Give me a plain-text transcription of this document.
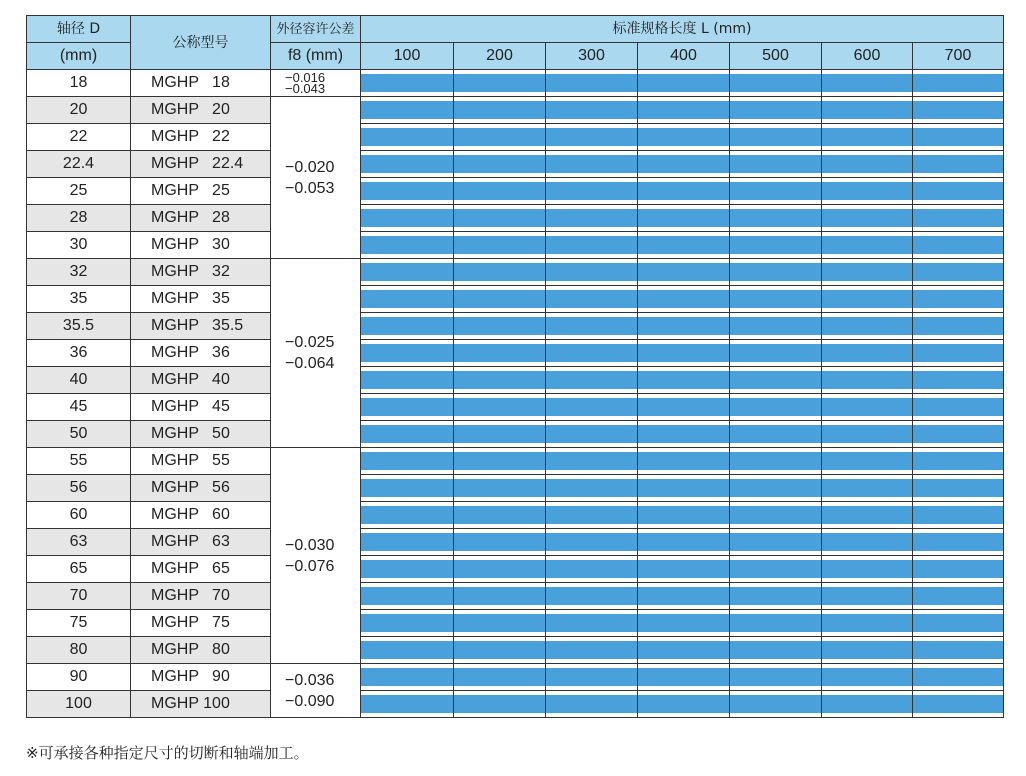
轴径 D	公称型号	外径容许公差	标准规格长度 L (mm)						
(mm)		f8 (mm)	100	200	300	400	500	600	700
18	MGHP   18	−0.016
−0.043							

20	MGHP   20	−0.020
−0.053							

22	MGHP   22		

22.4	MGHP   22.4		

25	MGHP   25		

28	MGHP   28		

30	MGHP   30		

32	MGHP   32	−0.025
−0.064							

35	MGHP   35		

35.5	MGHP   35.5		

36	MGHP   36		

40	MGHP   40		

45	MGHP   45		

50	MGHP   50		

55	MGHP   55	−0.030
−0.076							

56	MGHP   56		

60	MGHP   60		

63	MGHP   63		

65	MGHP   65		

70	MGHP   70		

75	MGHP   75		

80	MGHP   80		

90	MGHP   90	−0.036
−0.090							

100	MGHP 100		

※可承接各种指定尺寸的切断和轴端加工。
